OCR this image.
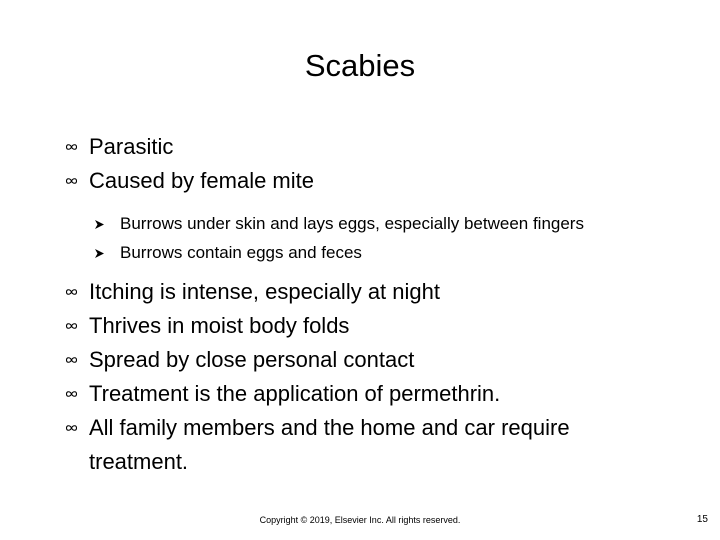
Scabies
Parasitic
Caused by female mite
Burrows under skin and lays eggs, especially between fingers
Burrows contain eggs and feces
Itching is intense, especially at night
Thrives in moist body folds
Spread by close personal contact
Treatment is the application of permethrin.
All family members and the home and car require treatment.
Copyright © 2019, Elsevier Inc. All rights reserved.	15
